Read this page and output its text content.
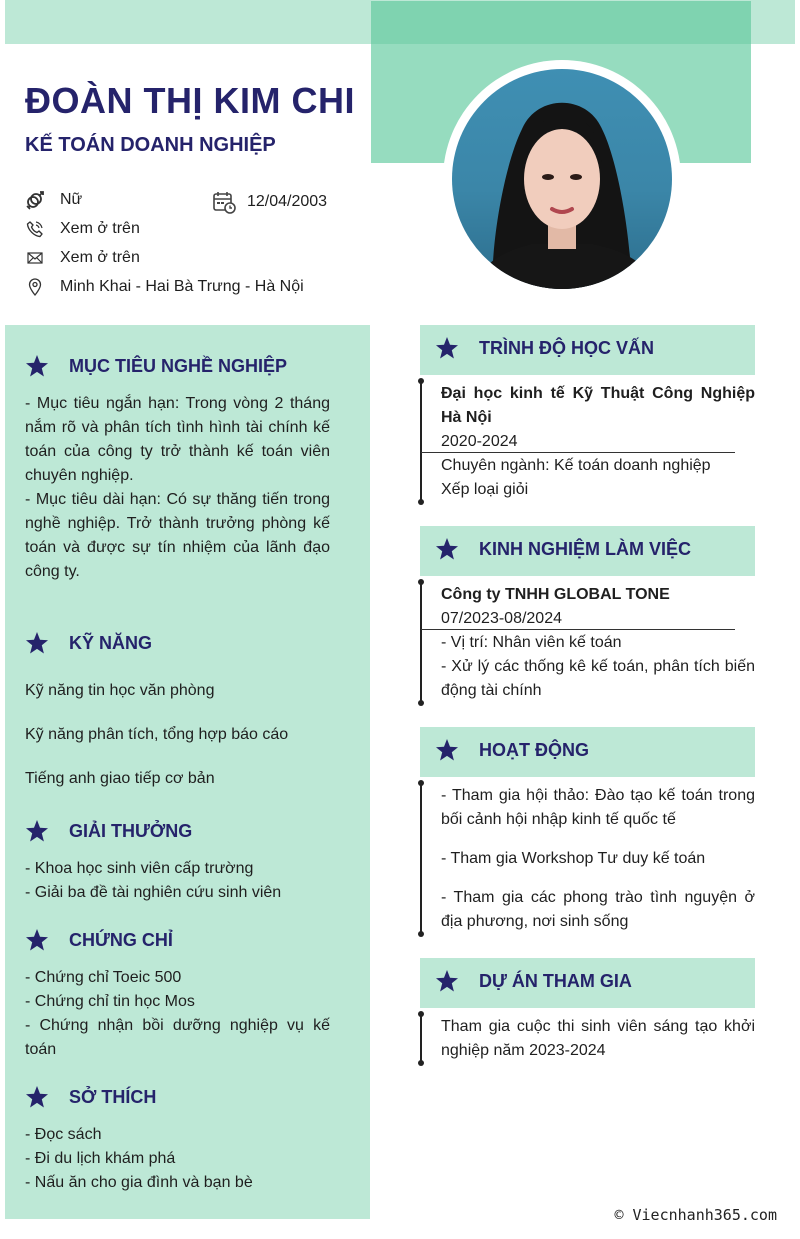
ĐOÀN THỊ KIM CHI
KẾ TOÁN DOANH NGHIỆP
Nữ	12/04/2003
Xem ở trên
Xem ở trên
Minh Khai - Hai Bà Trưng - Hà Nội
MỤC TIÊU NGHỀ NGHIỆP

- Mục tiêu ngắn hạn: Trong vòng 2 tháng nắm rõ và phân tích tình hình tài chính kế toán của công ty trở thành kế toán viên chuyên nghiệp.

- Mục tiêu dài hạn: Có sự thăng tiến trong nghề nghiệp. Trở thành trưởng phòng kế toán và được sự tín nhiệm của lãnh đạo công ty.

KỸ NĂNG
Kỹ năng tin học văn phòng
Kỹ năng phân tích, tổng hợp báo cáo
Tiếng anh giao tiếp cơ bản
GIẢI THƯỞNG

- Khoa học sinh viên cấp trường

- Giải ba đề tài nghiên cứu sinh viên

CHỨNG CHỈ

- Chứng chỉ Toeic 500

- Chứng chỉ tin học Mos

- Chứng nhận bồi dưỡng nghiệp vụ kế toán

SỞ THÍCH

- Đọc sách

- Đi du lịch khám phá

- Nấu ăn cho gia đình và bạn bè

TRÌNH ĐỘ HỌC VẤN
Đại học kinh tế Kỹ Thuật Công Nghiệp Hà Nội
2020-2024
Chuyên ngành: Kế toán doanh nghiệp
Xếp loại giỏi
KINH NGHIỆM LÀM VIỆC
Công ty TNHH GLOBAL TONE
07/2023-08/2024

- Vị trí: Nhân viên kế toán

- Xử lý các thống kê kế toán, phân tích biến động tài chính

HOẠT ĐỘNG
- Tham gia hội thảo: Đào tạo kế toán trong bối cảnh hội nhập kinh tế quốc tế
- Tham gia Workshop Tư duy kế toán
- Tham gia các phong trào tình nguyện ở địa phương, nơi sinh sống
DỰ ÁN THAM GIA
Tham gia cuộc thi sinh viên sáng tạo khởi nghiệp năm 2023-2024
© Viecnhanh365.com
